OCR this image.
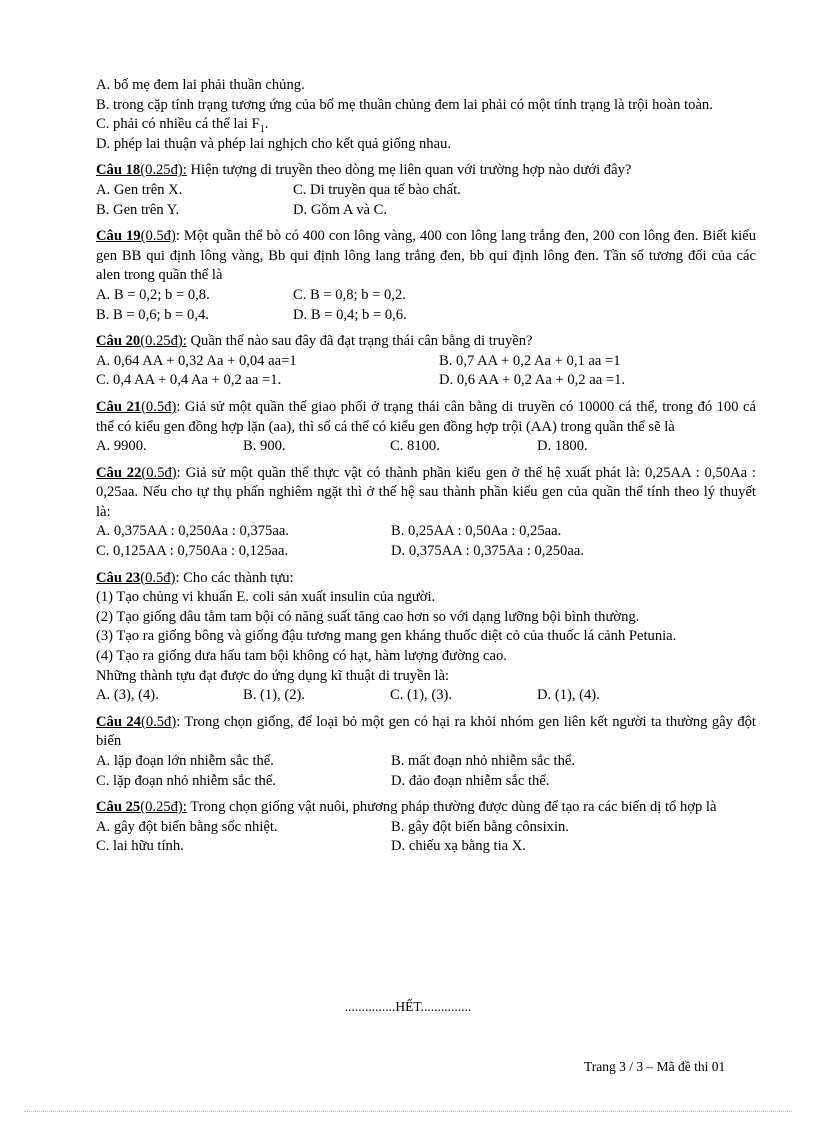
A. bố mẹ đem lai phải thuần chủng.

B. trong cặp tính trạng tương ứng của bố mẹ thuần chủng đem lai phải có một tính trạng là trội hoàn toàn.

C. phải có nhiều cá thể lai $F_1$.

D. phép lai thuận và phép lai nghịch cho kết quả giống nhau.

Câu 18(0.25đ): Hiện tượng di truyền theo dòng mẹ liên quan với trường hợp nào dưới đây?

A. Gen trên X.	C. Di truyền qua tế bào chất.
B. Gen trên Y.	D. Gồm A và C.

Câu 19(0.5đ): Một quần thể bò có 400 con lông vàng, 400 con lông lang trắng đen, 200 con lông đen. Biết kiểu gen BB qui định lông vàng, Bb qui định lông lang trắng đen, bb qui định lông đen. Tần số tương đối của các alen trong quần thể là

A. B = 0,2; b = 0,8.	C. B = 0,8; b = 0,2.
B. B = 0,6; b = 0,4.	D. B = 0,4; b = 0,6.

Câu 20(0.25đ): Quần thể nào sau đây đã đạt trạng thái cân bằng di truyền?

A. 0,64 AA + 0,32 Aa + 0,04 aa=1	B. 0,7 AA + 0,2 Aa + 0,1 aa =1
C. 0,4 AA + 0,4 Aa + 0,2 aa =1.	D. 0,6 AA + 0,2 Aa + 0,2 aa =1.

Câu 21(0.5đ): Giả sử một quần thể giao phối ở trạng thái cân bằng di truyền có 10000 cá thể, trong đó 100 cá thể có kiểu gen đồng hợp lặn (aa), thì số cá thể có kiểu gen đồng hợp trội (AA) trong quần thể sẽ là

A. 9900.	B. 900.	C. 8100.	D. 1800.

Câu 22(0.5đ): Giả sử một quần thể thực vật có thành phần kiểu gen ở thế hệ xuất phát là: 0,25AA : 0,50Aa : 0,25aa. Nếu cho tự thụ phấn nghiêm ngặt thì ở thế hệ sau thành phần kiểu gen của quần thể tính theo lý thuyết là:

A. 0,375AA : 0,250Aa : 0,375aa.	B. 0,25AA : 0,50Aa : 0,25aa.
C. 0,125AA : 0,750Aa : 0,125aa.	D. 0,375AA : 0,375Aa : 0,250aa.

Câu 23(0.5đ): Cho các thành tựu:

(1) Tạo chủng vi khuẩn E. coli sản xuất insulin của người.

(2) Tạo giống dâu tằm tam bội có năng suất tăng cao hơn so với dạng lưỡng bội bình thường.

(3) Tạo ra giống bông và giống đậu tương mang gen kháng thuốc diệt cỏ của thuốc lá cảnh Petunia.

(4) Tạo ra giống dưa hấu tam bội không có hạt, hàm lượng đường cao.

Những thành tựu đạt được do ứng dụng kĩ thuật di truyền là:

A. (3), (4).	B. (1), (2).	C. (1), (3).	D. (1), (4).

Câu 24(0.5đ): Trong chọn giống, để loại bỏ một gen có hại ra khỏi nhóm gen liên kết người ta thường gây đột biến

A. lặp đoạn lớn nhiễm sắc thể.	B. mất đoạn nhỏ nhiễm sắc thể.
C. lặp đoạn nhỏ nhiễm sắc thể.	D. đảo đoạn nhiễm sắc thể.

Câu 25(0.25đ): Trong chọn giống vật nuôi, phương pháp thường được dùng để tạo ra các biến dị tổ hợp là

A. gây đột biến bằng sốc nhiệt.	B. gây đột biến bằng cônsixin.
C. lai hữu tính.	D. chiếu xạ bằng tia X.
...............HẾT...............
Trang 3 / 3 – Mã đề thi 01
